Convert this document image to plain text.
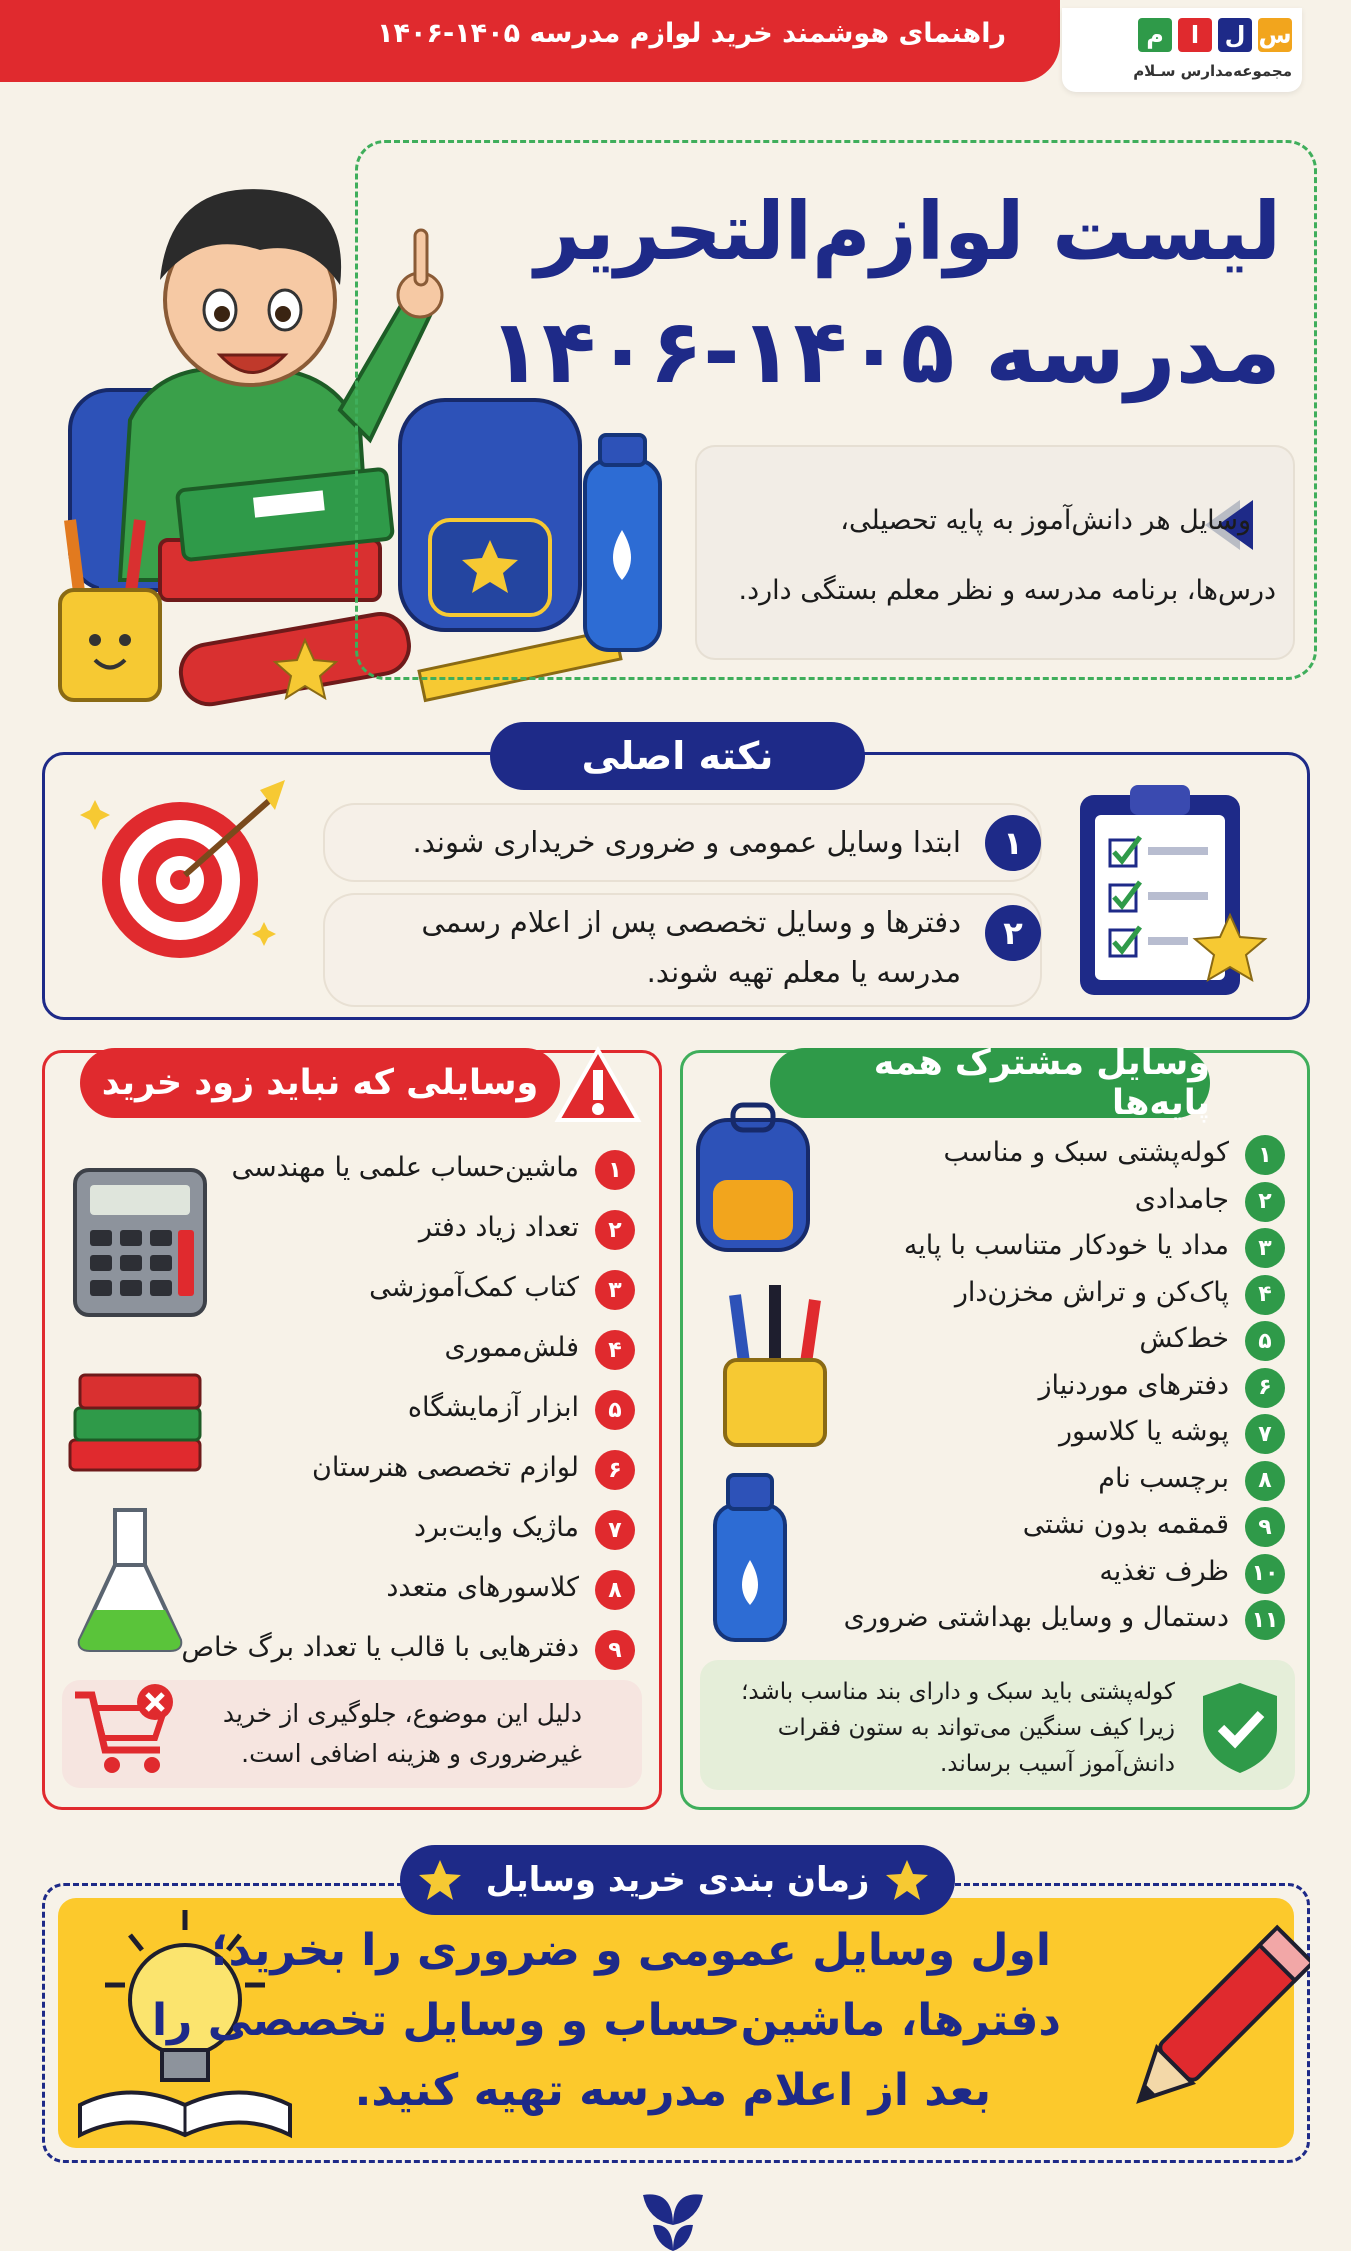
راهنمای هوشمند خرید لوازم مدرسه ۱۴۰۵-۱۴۰۶	س
ل
ا
م
مجموعه‌مدارس سـلام
لیست لوازم‌التحریر
مدرسه ۱۴۰۵-۱۴۰۶
وسایل هر دانش‌آموز به پایه تحصیلی،
درس‌ها، برنامه مدرسه و نظر معلم بستگی دارد.
نکته اصلی
۱
ابتدا وسایل عمومی و ضروری خریداری شوند.
۲
دفترها و وسایل تخصصی پس از اعلام رسمی
مدرسه یا معلم تهیه شوند.
وسایل مشترک همه پایه‌ها
کوله‌پشتی باید سبک و دارای بند مناسب باشد؛
زیرا کیف سنگین می‌تواند به ستون فقرات
دانش‌آموز آسیب برساند.
وسایلی که نباید زود خرید
دلیل این موضوع، جلوگیری از خرید
غیرضروری و هزینه اضافی است.
زمان بندی خرید وسایل
اول وسایل عمومی و ضروری را بخرید؛
دفترها، ماشین‌حساب و وسایل تخصصی را
بعد از اعلام مدرسه تهیه کنید.
۱
کوله‌پشتی سبک و مناسب
۲
جامدادی
۳
مداد یا خودکار متناسب با پایه
۴
پاک‌کن و تراش مخزن‌دار
۵
خط‌کش
۶
دفترهای موردنیاز
۷
پوشه یا کلاسور
۸
برچسب نام
۹
قمقمه بدون نشتی
۱۰
ظرف تغذیه
۱۱
دستمال و وسایل بهداشتی ضروری
۱
ماشین‌حساب علمی یا مهندسی
۲
تعداد زیاد دفتر
۳
کتاب کمک‌آموزشی
۴
فلش‌مموری
۵
ابزار آزمایشگاه
۶
لوازم تخصصی هنرستان
۷
ماژیک وایت‌برد
۸
کلاسورهای متعدد
۹
دفترهایی با قالب یا تعداد برگ خاص
